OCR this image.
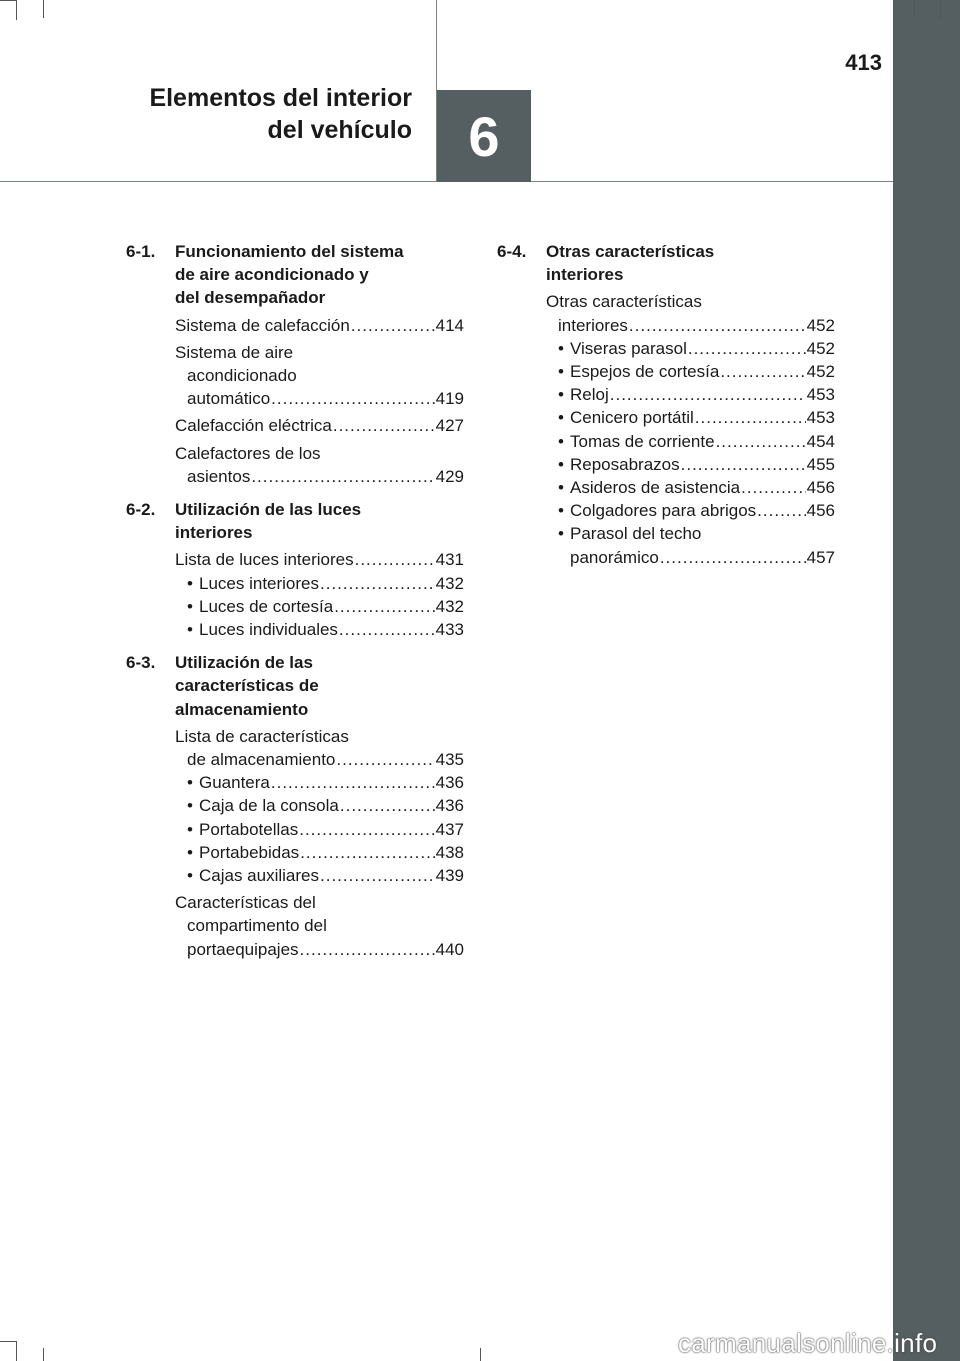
Elementos del interior
del vehículo 6
413
6-1.	Funcionamiento del sistema
de aire acondicionado y
del desempañador
Sistema de calefacción .....	414
Sistema de aire
acondicionado
automático .....	419
Calefacción eléctrica .....	427
Calefactores de los
asientos .....	429
6-2.	Utilización de las luces
interiores
Lista de luces interiores .....	431
• Luces interiores .....	432
• Luces de cortesía .....	432
• Luces individuales .....	433
6-3.	Utilización de las
características de
almacenamiento
Lista de características
de almacenamiento .....	435
• Guantera .....	436
• Caja de la consola .....	436
• Portabotellas .....	437
• Portabebidas .....	438
• Cajas auxiliares .....	439
Características del
compartimento del
portaequipajes .....	440
6-4.	Otras características
interiores
Otras características
interiores .....	452
• Viseras parasol .....	452
• Espejos de cortesía .....	452
• Reloj .....	453
• Cenicero portátil .....	453
• Tomas de corriente .....	454
• Reposabrazos .....	455
• Asideros de asistencia .....	456
• Colgadores para abrigos .....	456
• Parasol del techo
panorámico .....	457
carmanualsonline.info
